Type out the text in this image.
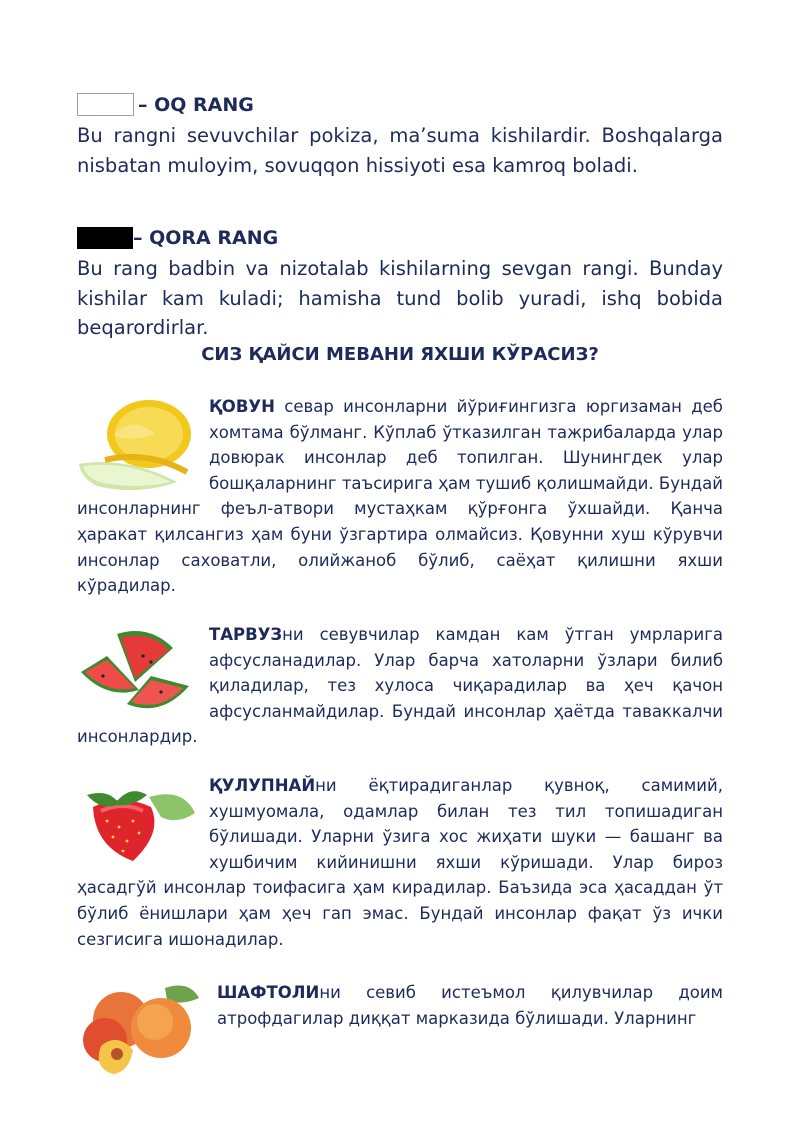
– OQ RANG
Bu rangni sevuvchilar pokiza, ma’suma kishilardir. Boshqalarga nisbatan muloyim, sovuqqon hissiyoti esa kamroq boladi.
– QORA RANG
Bu rang badbin va nizotalab kishilarning sevgan rangi. Bunday kishilar kam kuladi; hamisha tund bolib yuradi, ishq bobida beqarordirlar.
СИЗ ҚАЙСИ МЕВАНИ ЯХШИ КЎРАСИЗ?
ҚОВУН севар инсонларни йўриғингизга юргизаман деб хомтама бўлманг. Кўплаб ўтказилган тажрибаларда улар довюрак инсонлар деб топилган. Шунингдек улар бошқаларнинг таъсирига ҳам тушиб қолишмайди. Бундай инсонларнинг феъл-атвори мустаҳкам қўрғонга ўхшайди. Қанча ҳаракат қилсангиз ҳам буни ўзгартира олмайсиз. Қовунни хуш кўрувчи инсонлар саховатли, олийжаноб бўлиб, саёҳат қилишни яхши кўрадилар.
ТАРВУЗни севувчилар камдан кам ўтган умрларига афсусланадилар. Улар барча хатоларни ўзлари билиб қиладилар, тез хулоса чиқарадилар ва ҳеч қачон афсусланмайдилар. Бундай инсонлар ҳаётда таваккалчи инсонлардир.
ҚУЛУПНАЙни ёқтирадиганлар қувноқ, самимий, хушмуомала, одамлар билан тез тил топишадиган бўлишади. Уларни ўзига хос жиҳати шуки — башанг ва хушбичим кийинишни яхши кўришади. Улар бироз ҳасадгўй инсонлар тоифасига ҳам кирадилар. Баъзида эса ҳасаддан ўт бўлиб ёнишлари ҳам ҳеч гап эмас. Бундай инсонлар фақат ўз ички сезгисига ишонадилар.
ШАФТОЛИни севиб истеъмол қилувчилар доим атрофдагилар диққат марказида бўлишади. Уларнинг
